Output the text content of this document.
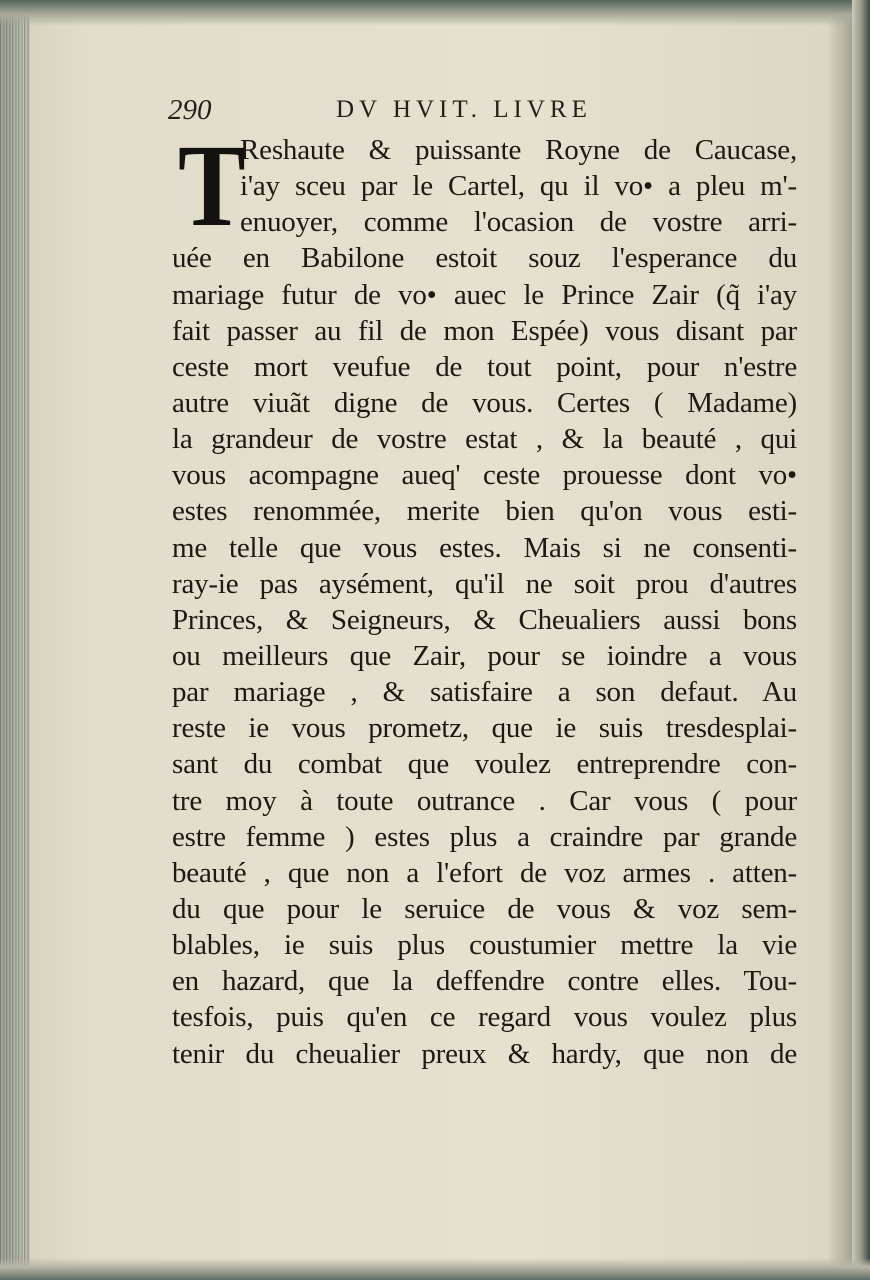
290	DV HVIT. LIVRE
T
Reshaute & puissante Royne de Caucase,
i'ay sceu par le Cartel, qu il vo• a pleu m'-
enuoyer, comme l'ocasion de vostre arri-
uée en Babilone estoit souz l'esperance du
mariage futur de vo• auec le Prince Zair (q̃ i'ay
fait passer au fil de mon Espée) vous disant par
ceste mort veufue de tout point, pour n'estre
autre viuãt digne de vous. Certes ( Madame)
la grandeur de vostre estat , & la beauté , qui
vous acompagne aueq' ceste prouesse dont vo•
estes renommée, merite bien qu'on vous esti-
me telle que vous estes. Mais si ne consenti-
ray-ie pas aysément, qu'il ne soit prou d'autres
Princes, & Seigneurs, & Cheualiers aussi bons
ou meilleurs que Zair, pour se ioindre a vous
par mariage , & satisfaire a son defaut. Au
reste ie vous prometz, que ie suis tresdesplai-
sant du combat que voulez entreprendre con-
tre moy à toute outrance . Car vous ( pour
estre femme ) estes plus a craindre par grande
beauté , que non a l'efort de voz armes . atten-
du que pour le seruice de vous & voz sem-
blables, ie suis plus coustumier mettre la vie
en hazard, que la deffendre contre elles. Tou-
tesfois, puis qu'en ce regard vous voulez plus
tenir du cheualier preux & hardy, que non de
